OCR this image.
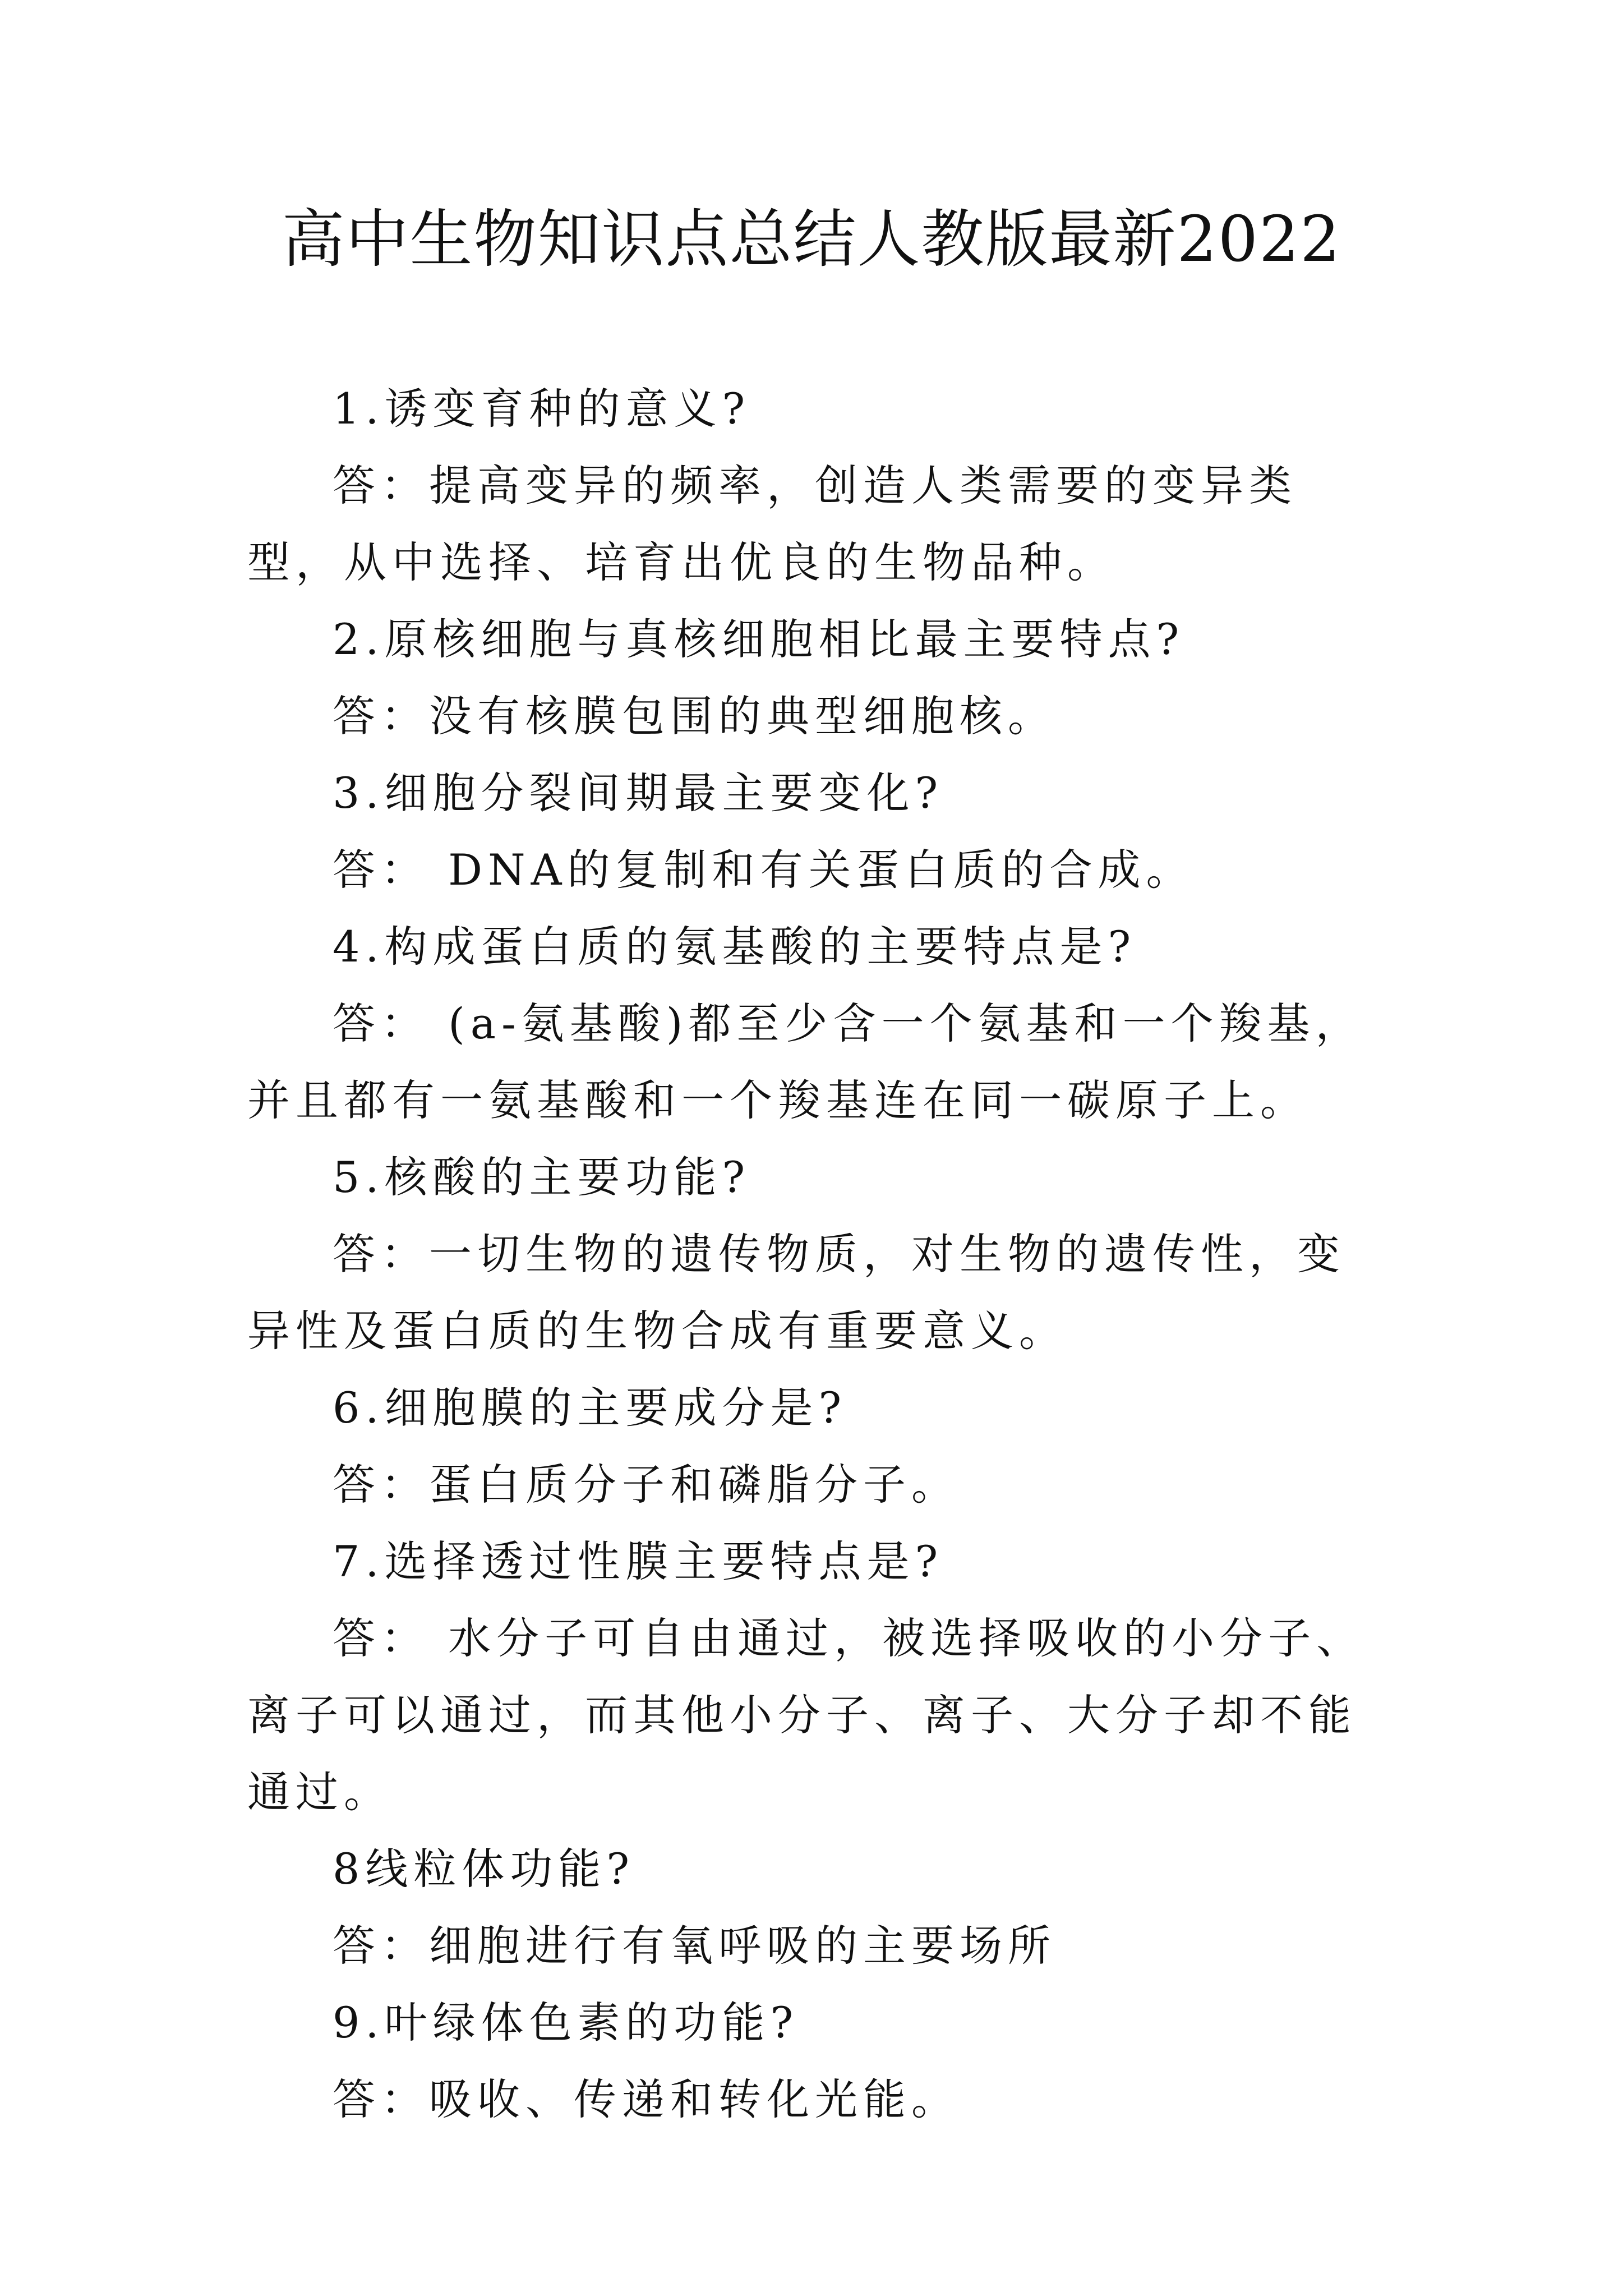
高中生物知识点总结人教版最新2022

1.诱变育种的意义?

答：提高变异的频率，创造人类需要的变异类型，从中选择、培育出优良的生物品种。

2.原核细胞与真核细胞相比最主要特点?

答：没有核膜包围的典型细胞核。

3.细胞分裂间期最主要变化?

答： DNA的复制和有关蛋白质的合成。

4.构成蛋白质的氨基酸的主要特点是?

答： (a-氨基酸)都至少含一个氨基和一个羧基，并且都有一氨基酸和一个羧基连在同一碳原子上。

5.核酸的主要功能?

答：一切生物的遗传物质，对生物的遗传性，变异性及蛋白质的生物合成有重要意义。

6.细胞膜的主要成分是?

答：蛋白质分子和磷脂分子。

7.选择透过性膜主要特点是?

答： 水分子可自由通过，被选择吸收的小分子、离子可以通过，而其他小分子、离子、大分子却不能通过。

8线粒体功能?

答：细胞进行有氧呼吸的主要场所

9.叶绿体色素的功能?

答：吸收、传递和转化光能。
